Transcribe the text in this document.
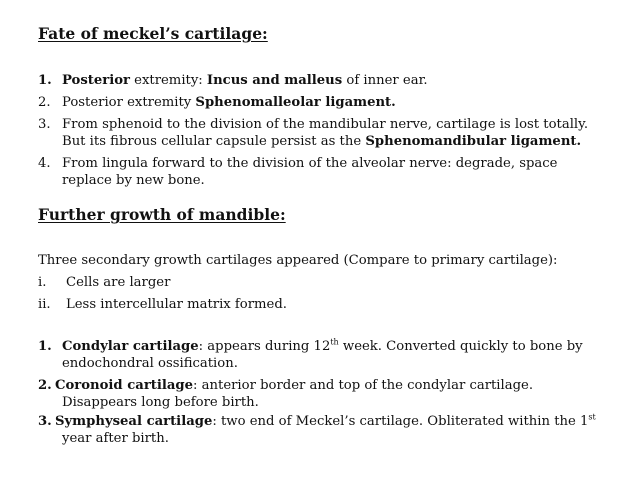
Fate of meckel’s cartilage:
1. Posterior extremity: Incus and malleus of inner ear.
2. Posterior extremity Sphenomalleolar ligament.
3. From sphenoid to the division of the mandibular nerve, cartilage is lost totally.
But its fibrous cellular capsule persist as the Sphenomandibular ligament.
4. From lingula forward to the division of the alveolar nerve: degrade, space
replace by new bone.
Further growth of mandible:
Three secondary growth cartilages appeared (Compare to primary cartilage):
i. Cells are larger
ii. Less intercellular matrix formed.
1. Condylar cartilage: appears during 12th week. Converted quickly to bone by
endochondral ossification.
2. Coronoid cartilage: anterior border and top of the condylar cartilage.
Disappears long before birth.
3. Symphyseal cartilage: two end of Meckel’s cartilage. Obliterated within the 1st
year after birth.
